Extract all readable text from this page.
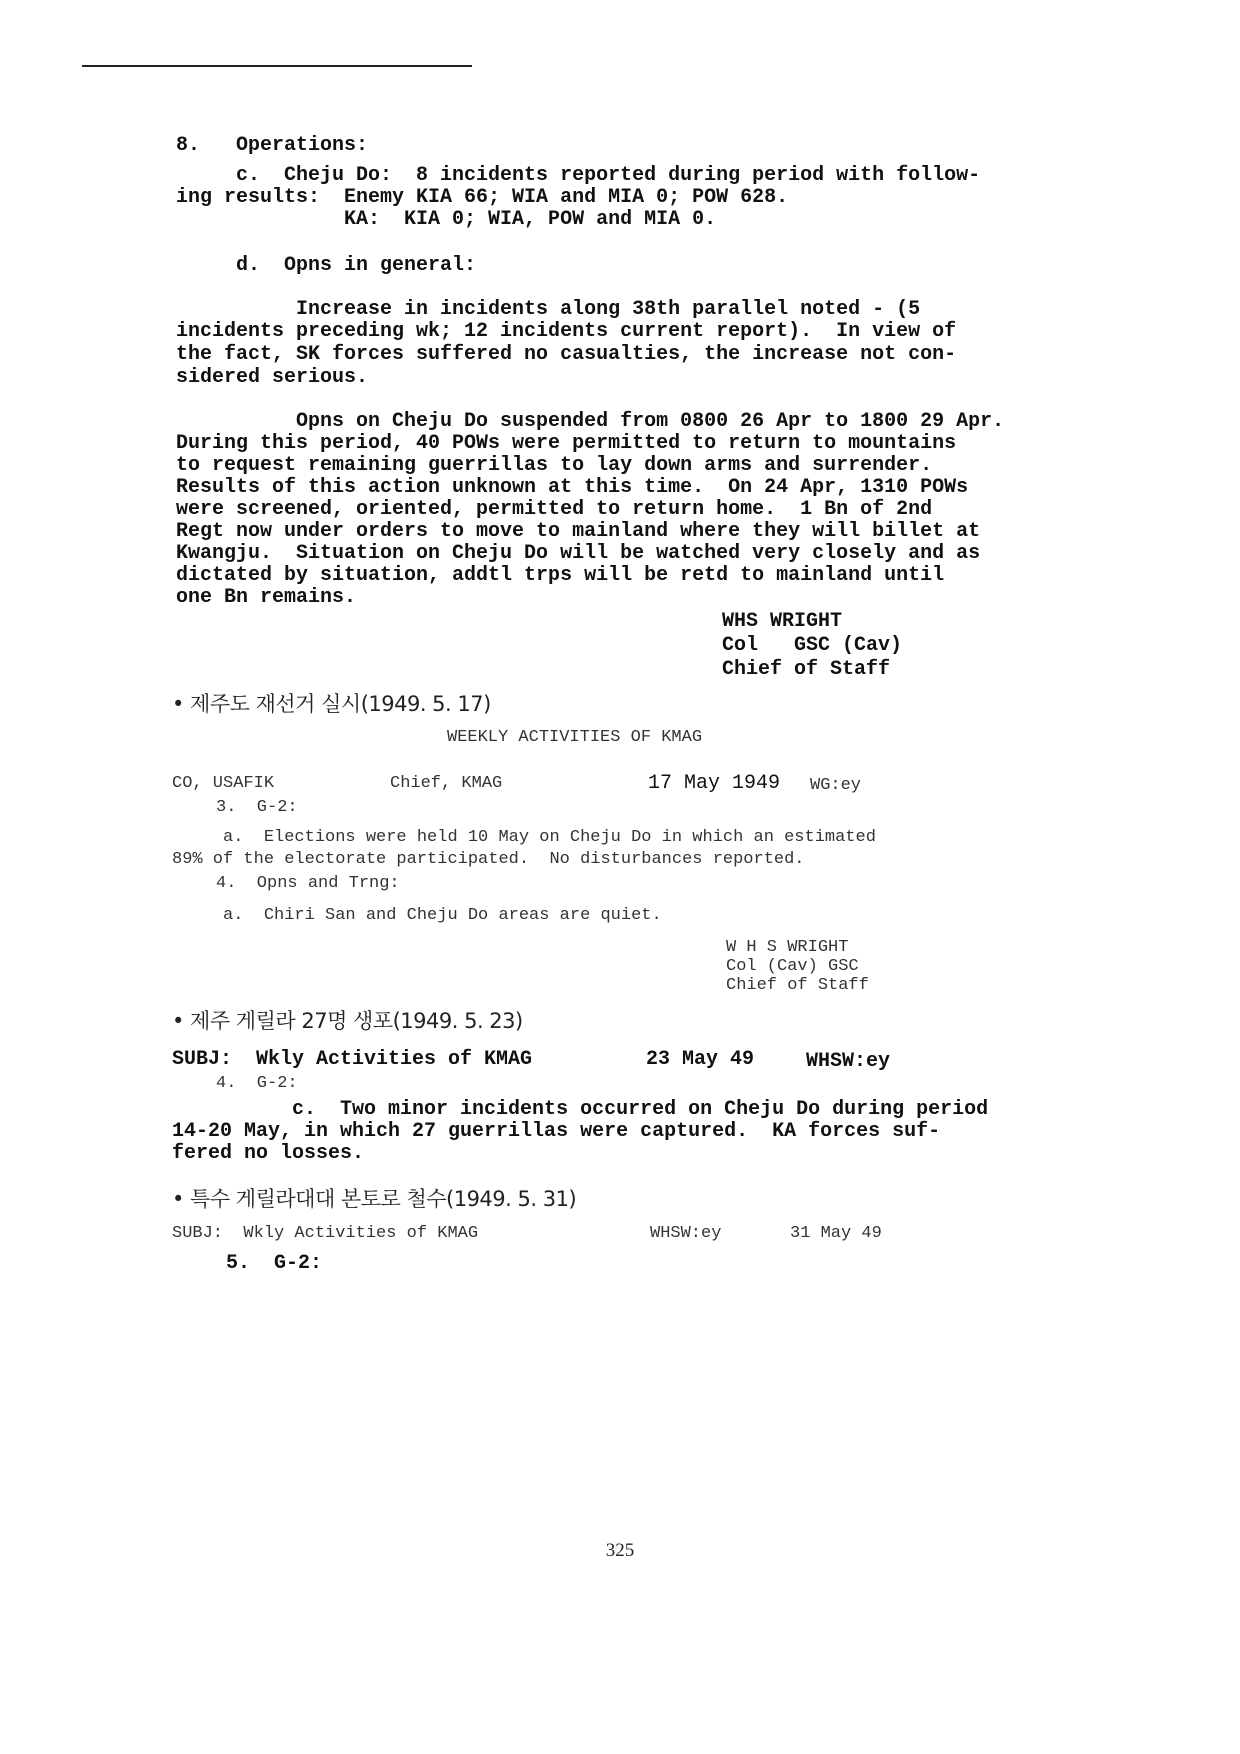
8.   Operations:
c.  Cheju Do:  8 incidents reported during period with follow-
ing results:  Enemy KIA 66; WIA and MIA 0; POW 628.
KA:  KIA 0; WIA, POW and MIA 0.
d.  Opns in general:
Increase in incidents along 38th parallel noted - (5
incidents preceding wk; 12 incidents current report).  In view of
the fact, SK forces suffered no casualties, the increase not con-
sidered serious.
Opns on Cheju Do suspended from 0800 26 Apr to 1800 29 Apr.
During this period, 40 POWs were permitted to return to mountains
to request remaining guerrillas to lay down arms and surrender.
Results of this action unknown at this time.  On 24 Apr, 1310 POWs
were screened, oriented, permitted to return home.  1 Bn of 2nd
Regt now under orders to move to mainland where they will billet at
Kwangju.  Situation on Cheju Do will be watched very closely and as
dictated by situation, addtl trps will be retd to mainland until
one Bn remains.
WHS WRIGHT
Col   GSC (Cav)
Chief of Staff
• 제주도 재선거 실시(1949. 5. 17)
WEEKLY ACTIVITIES OF KMAG
CO, USAFIK	Chief, KMAG	17 May 1949 WG:ey
3.  G-2:
a.  Elections were held 10 May on Cheju Do in which an estimated
89% of the electorate participated.  No disturbances reported.
4.  Opns and Trng:
a.  Chiri San and Cheju Do areas are quiet.
W H S WRIGHT
Col (Cav) GSC
Chief of Staff
• 제주 게릴라 27명 생포(1949. 5. 23)
SUBJ:  Wkly Activities of KMAG	23 May 49	WHSW:ey
4.  G-2:
c.  Two minor incidents occurred on Cheju Do during period
14-20 May, in which 27 guerrillas were captured.  KA forces suf-
fered no losses.
• 특수 게릴라대대 본토로 철수(1949. 5. 31)
SUBJ:  Wkly Activities of KMAG	WHSW:ey	31 May 49
5.  G-2:
325
